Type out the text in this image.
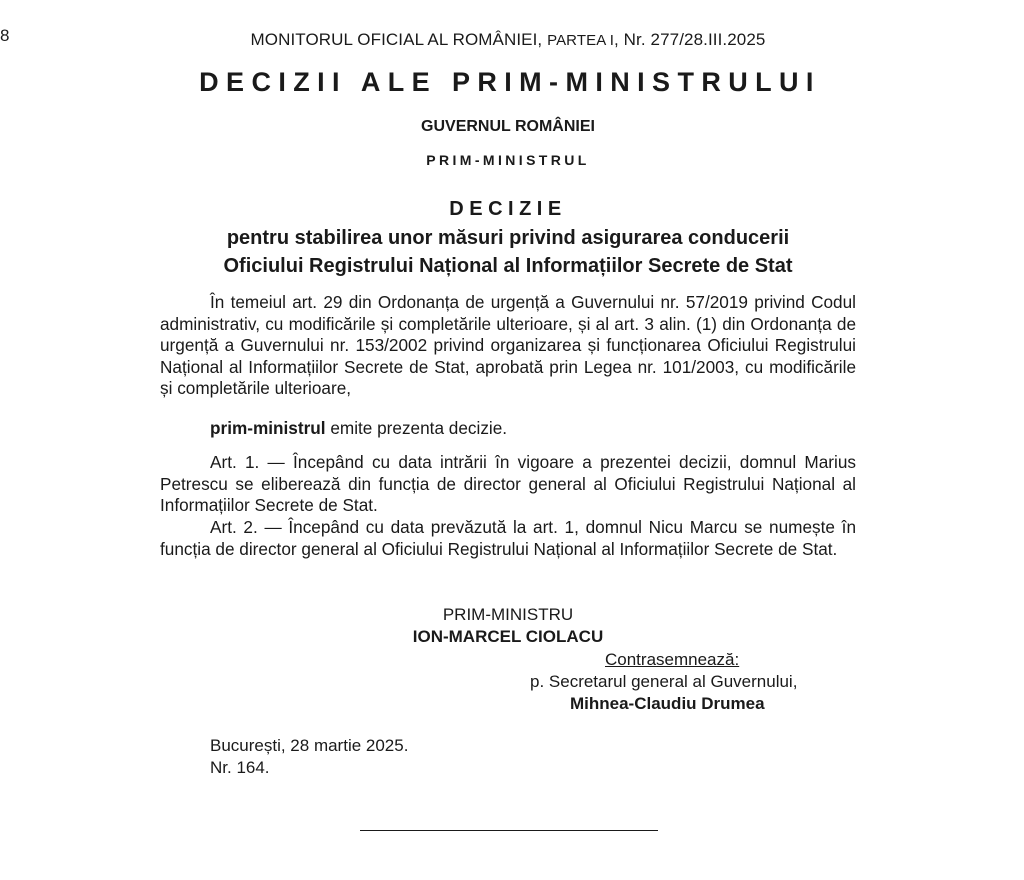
8	MONITORUL OFICIAL AL ROMÂNIEI, PARTEA I, Nr. 277/28.III.2025
DECIZII ALE PRIM-MINISTRULUI
GUVERNUL ROMÂNIEI
PRIM-MINISTRUL
DECIZIE
pentru stabilirea unor măsuri privind asigurarea conducerii
Oficiului Registrului Național al Informațiilor Secrete de Stat

În temeiul art. 29 din Ordonanța de urgență a Guvernului nr. 57/2019 privind Codul administrativ, cu modificările și completările ulterioare, și al art. 3 alin. (1) din Ordonanța de urgență a Guvernului nr. 153/2002 privind organizarea și funcționarea Oficiului Registrului Național al Informațiilor Secrete de Stat, aprobată prin Legea nr. 101/2003, cu modificările și completările ulterioare,

prim-ministrul emite prezenta decizie.

Art. 1. — Începând cu data intrării în vigoare a prezentei decizii, domnul Marius Petrescu se eliberează din funcția de director general al Oficiului Registrului Național al Informațiilor Secrete de Stat.

Art. 2. — Începând cu data prevăzută la art. 1, domnul Nicu Marcu se numește în funcția de director general al Oficiului Registrului Național al Informațiilor Secrete de Stat.

PRIM-MINISTRU
ION-MARCEL CIOLACU
Contrasemnează:
p. Secretarul general al Guvernului,
Mihnea-Claudiu Drumea
București, 28 martie 2025.
Nr. 164.
